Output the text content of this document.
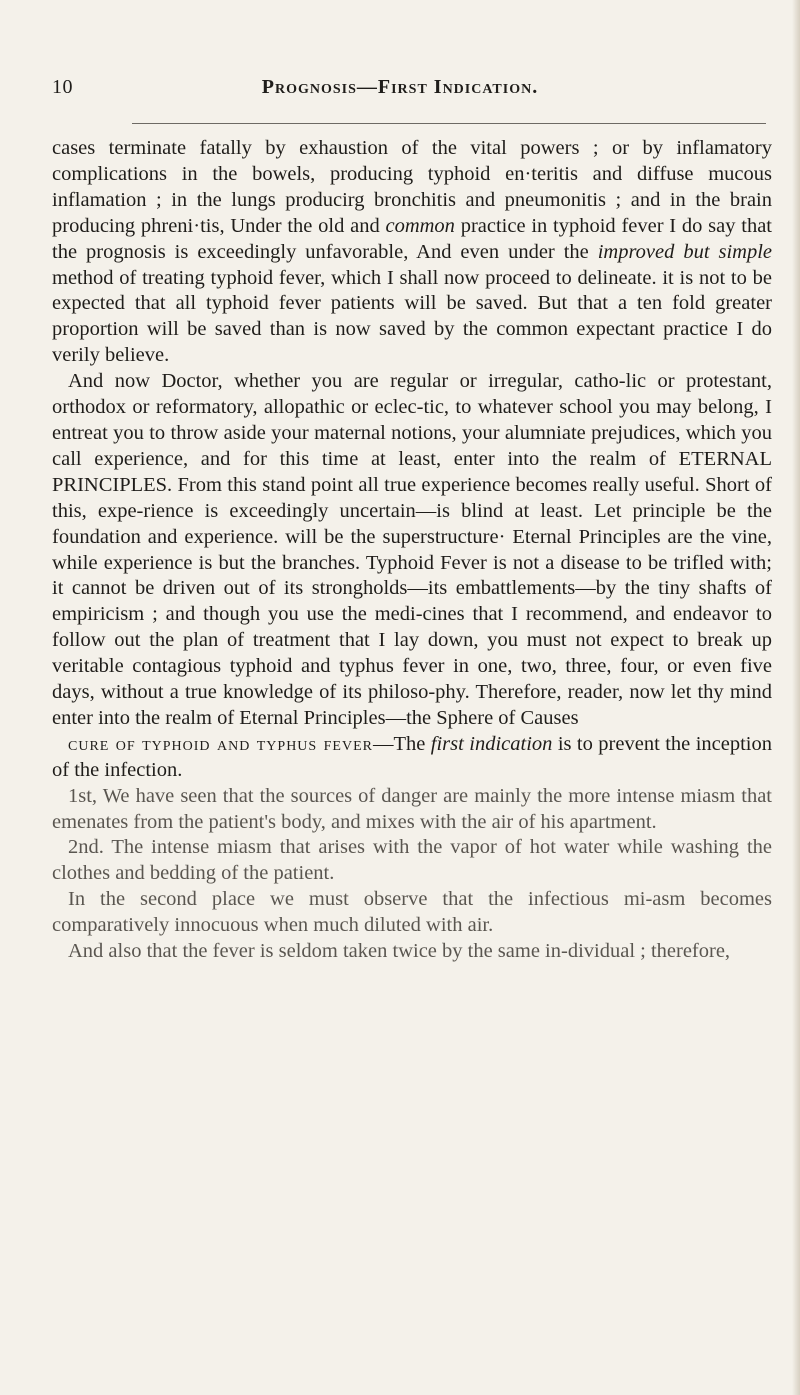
10	Prognosis—First Indication.

cases terminate fatally by exhaustion of the vital powers ; or by inflamatory complications in the bowels, producing typhoid en·teritis and diffuse mucous inflamation ; in the lungs producirg bronchitis and pneumonitis ; and in the brain producing phreni·tis, Under the old and common practice in typhoid fever I do say that the prognosis is exceedingly unfavorable, And even under the improved but simple method of treating typhoid fever, which I shall now proceed to delineate. it is not to be expected that all typhoid fever patients will be saved. But that a ten fold greater proportion will be saved than is now saved by the common expectant practice I do verily believe.

And now Doctor, whether you are regular or irregular, catho-lic or protestant, orthodox or reformatory, allopathic or eclec-tic, to whatever school you may belong, I entreat you to throw aside your maternal notions, your alumniate prejudices, which you call experience, and for this time at least, enter into the realm of ETERNAL PRINCIPLES. From this stand point all true experience becomes really useful. Short of this, expe-rience is exceedingly uncertain—is blind at least. Let principle be the foundation and experience. will be the superstructure· Eternal Principles are the vine, while experience is but the branches. Typhoid Fever is not a disease to be trifled with; it cannot be driven out of its strongholds—its embattlements—by the tiny shafts of empiricism ; and though you use the medi-cines that I recommend, and endeavor to follow out the plan of treatment that I lay down, you must not expect to break up veritable contagious typhoid and typhus fever in one, two, three, four, or even five days, without a true knowledge of its philoso-phy. Therefore, reader, now let thy mind enter into the realm of Eternal Principles—the Sphere of Causes

cure of typhoid and typhus fever—The first indication is to prevent the inception of the infection.

1st, We have seen that the sources of danger are mainly the more intense miasm that emenates from the patient's body, and mixes with the air of his apartment.

2nd. The intense miasm that arises with the vapor of hot water while washing the clothes and bedding of the patient.

In the second place we must observe that the infectious mi-asm becomes comparatively innocuous when much diluted with air.

And also that the fever is seldom taken twice by the same in-dividual ; therefore,
